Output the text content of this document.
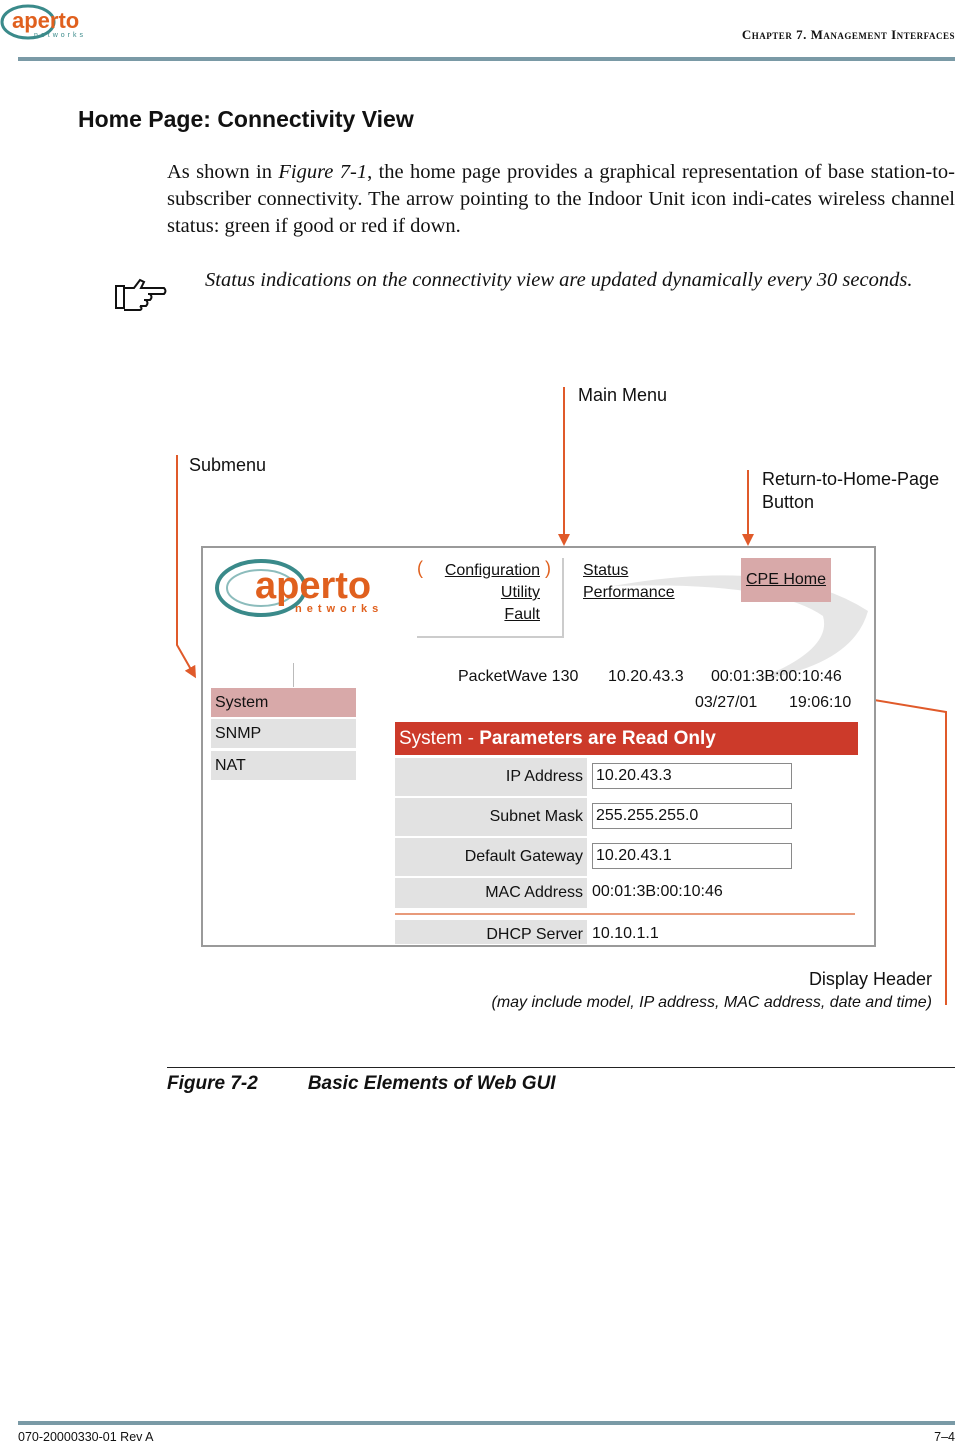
aperto
networks	Chapter 7. Management Interfaces
Home Page: Connectivity View
As shown in Figure 7-1, the home page provides a graphical representation of base station-to-subscriber connectivity. The arrow pointing to the Indoor Unit icon indi-cates wireless channel status: green if good or red if down.
Status indications on the connectivity view are updated dynamically every 30 seconds.
Main Menu
Submenu
Return-to-Home-Page
Button
Display Header
(may include model, IP address, MAC address, date and time)
aperto
networks
Configuration
Utility
Fault
(	) Status
Performance
CPE Home
PacketWave 130 10.20.43.3 00:01:3B:00:10:46
03/27/01 19:06:10
System
SNMP
NAT
System - Parameters are Read Only
IP Address 10.20.43.3
Subnet Mask 255.255.255.0
Default Gateway 10.20.43.1
MAC Address 00:01:3B:00:10:46
DHCP Server 10.10.1.1
Figure 7-2	Basic Elements of Web GUI
070-20000330-01 Rev A	7–4
